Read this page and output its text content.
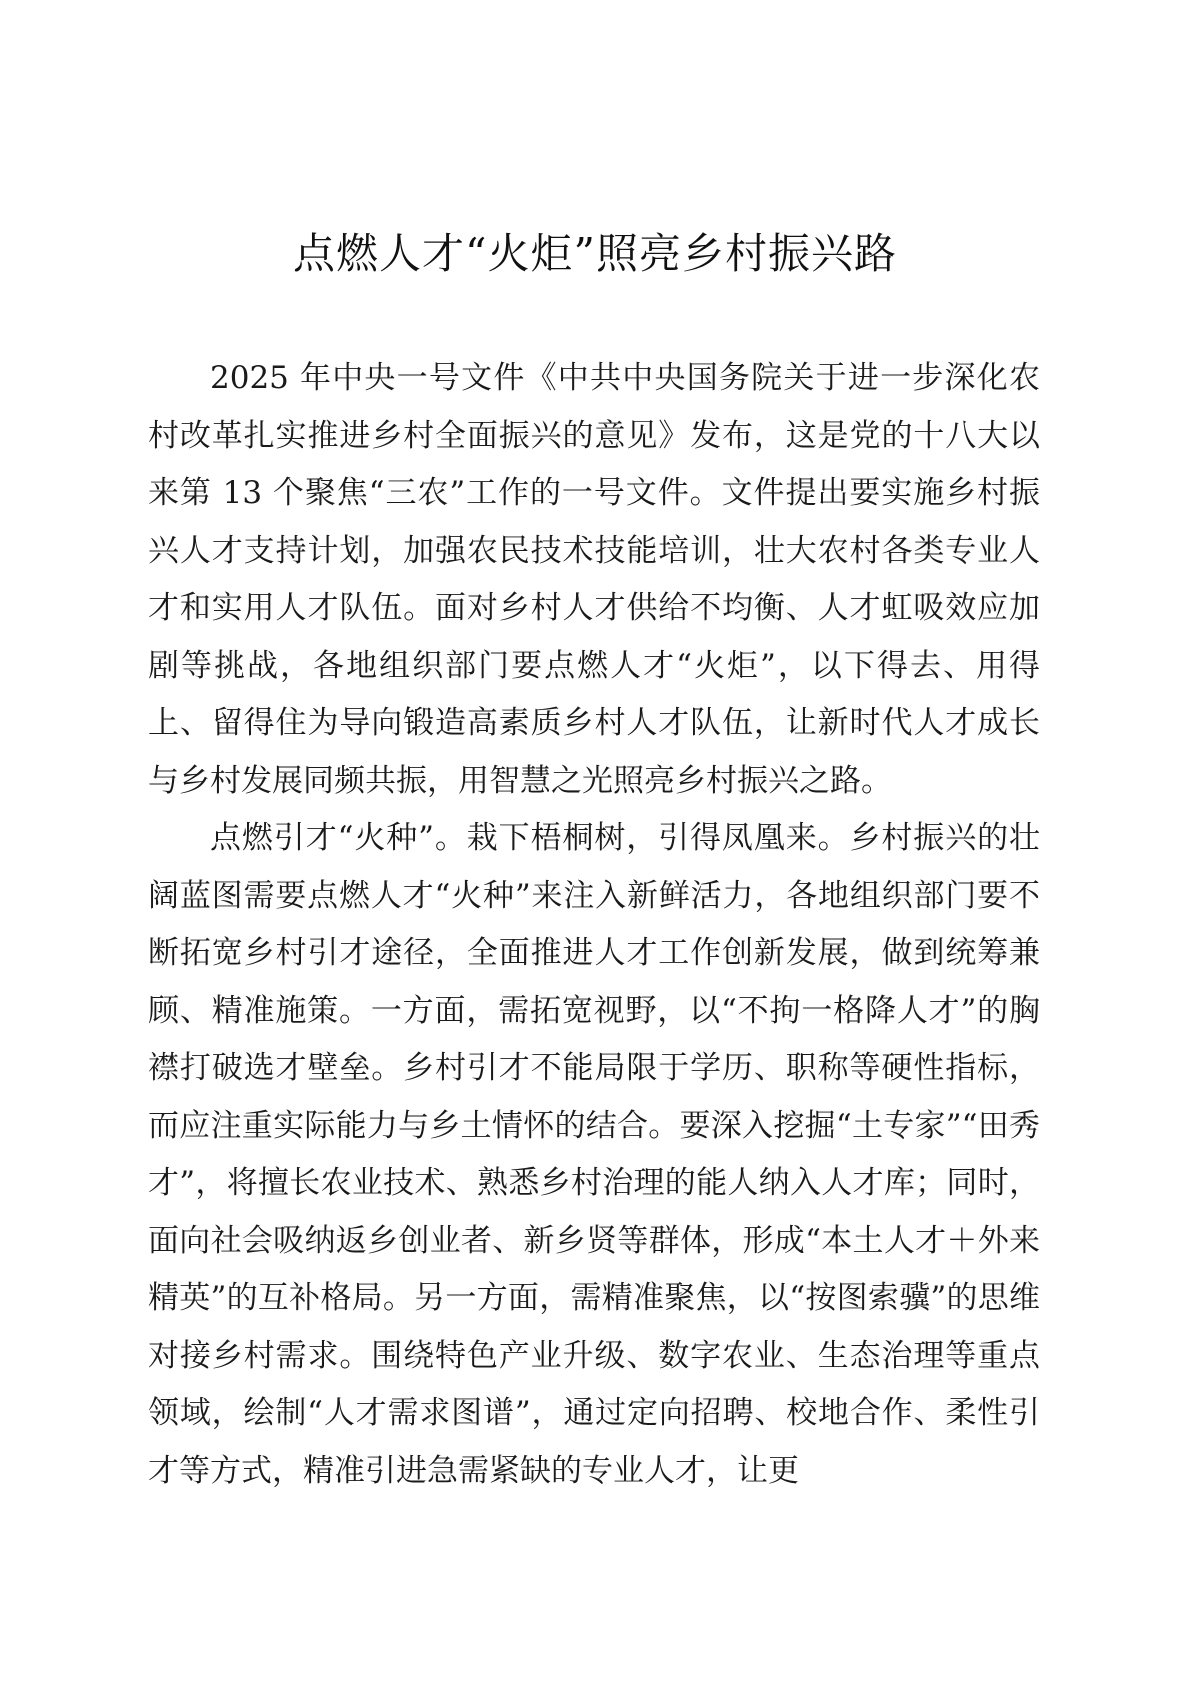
点燃人才“火炬”照亮乡村振兴路

2025 年中央一号文件《中共中央国务院关于进一步深化农村改革扎实推进乡村全面振兴的意见》发布，这是党的十八大以来第 13 个聚焦“三农”工作的一号文件。文件提出要实施乡村振兴人才支持计划，加强农民技术技能培训，壮大农村各类专业人才和实用人才队伍。面对乡村人才供给不均衡、人才虹吸效应加剧等挑战，各地组织部门要点燃人才“火炬”，以下得去、用得上、留得住为导向锻造高素质乡村人才队伍，让新时代人才成长与乡村发展同频共振，用智慧之光照亮乡村振兴之路。

点燃引才“火种”。栽下梧桐树，引得凤凰来。乡村振兴的壮阔蓝图需要点燃人才“火种”来注入新鲜活力，各地组织部门要不断拓宽乡村引才途径，全面推进人才工作创新发展，做到统筹兼顾、精准施策。一方面，需拓宽视野，以“不拘一格降人才”的胸襟打破选才壁垒。乡村引才不能局限于学历、职称等硬性指标，而应注重实际能力与乡土情怀的结合。要深入挖掘“土专家”“田秀才”，将擅长农业技术、熟悉乡村治理的能人纳入人才库；同时，面向社会吸纳返乡创业者、新乡贤等群体，形成“本土人才＋外来精英”的互补格局。另一方面，需精准聚焦，以“按图索骥”的思维对接乡村需求。围绕特色产业升级、数字农业、生态治理等重点领域，绘制“人才需求图谱”，通过定向招聘、校地合作、柔性引才等方式，精准引进急需紧缺的专业人才，让更
